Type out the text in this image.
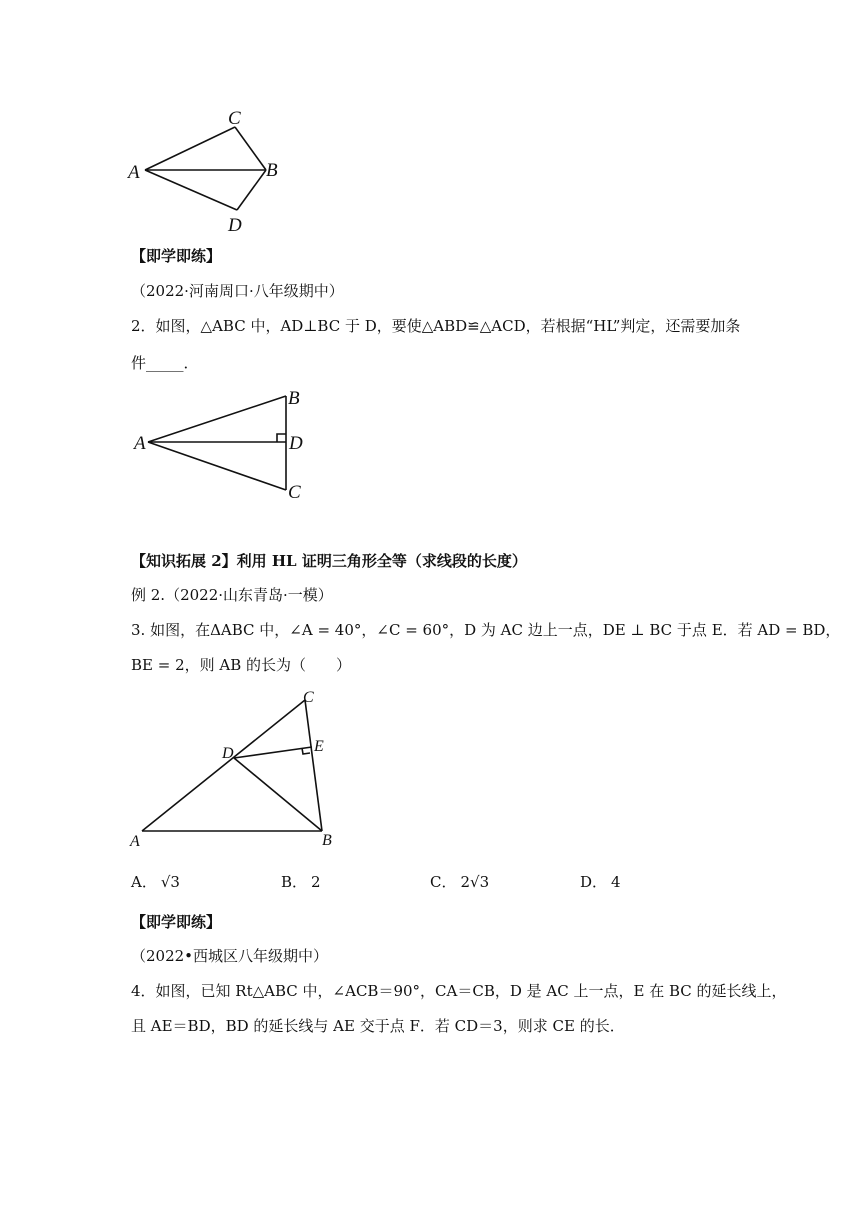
C
A	B
D
【即学即练】
（2022·河南周口·八年级期中）
2．如图，△ABC 中，AD⊥BC 于 D，要使△ABD≌△ACD，若根据“HL”判定，还需要加条
件_____．
A
B
D
C
【知识拓展 2】利用 HL 证明三角形全等（求线段的长度）
例 2.（2022·山东青岛·一模）
3. 如图，在ΔABC 中，∠A = 40°，∠C = 60°，D 为 AC 边上一点，DE ⊥ BC 于点 E．若 AD = BD，
BE = 2，则 AB 的长为（　　）
C
D	E
A	B
A． √3	B． 2	C． 2√3	D． 4
【即学即练】
（2022•西城区八年级期中）
4．如图，已知 Rt△ABC 中，∠ACB＝90°，CA＝CB，D 是 AC 上一点，E 在 BC 的延长线上，
且 AE＝BD，BD 的延长线与 AE 交于点 F．若 CD＝3，则求 CE 的长．
